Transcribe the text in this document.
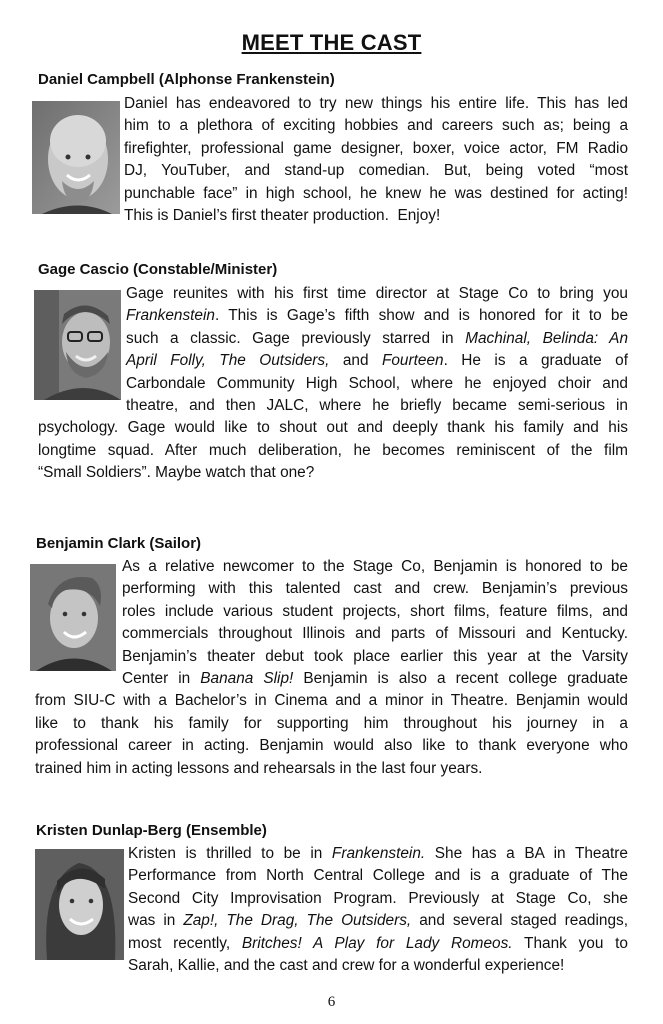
MEET THE CAST
Daniel Campbell (Alphonse Frankenstein)
Daniel has endeavored to try new things his entire life. This has led
him to a plethora of exciting hobbies and careers such as; being a
firefighter, professional game designer, boxer, voice actor, FM Radio
DJ, YouTuber, and stand-up comedian. But, being voted “most
punchable face” in high school, he knew he was destined for acting!
This is Daniel’s first theater production.  Enjoy!
Gage Cascio (Constable/Minister)
Gage reunites with his first time director at Stage Co to bring you
Frankenstein. This is Gage’s fifth show and is honored for it to be
such a classic. Gage previously starred in Machinal, Belinda: An
April Folly, The Outsiders, and Fourteen. He is a graduate of
Carbondale Community High School, where he enjoyed choir and
theatre, and then JALC, where he briefly became semi-serious in
psychology. Gage would like to shout out and deeply thank his family and his
longtime squad. After much deliberation, he becomes reminiscent of the film
“Small Soldiers”. Maybe watch that one?
Benjamin Clark (Sailor)
As a relative newcomer to the Stage Co, Benjamin is honored to be
performing with this talented cast and crew. Benjamin’s previous
roles include various student projects, short films, feature films, and
commercials throughout Illinois and parts of Missouri and Kentucky.
Benjamin’s theater debut took place earlier this year at the Varsity
Center in Banana Slip! Benjamin is also a recent college graduate
from SIU-C with a Bachelor’s in Cinema and a minor in Theatre. Benjamin would
like to thank his family for supporting him throughout his journey in a
professional career in acting. Benjamin would also like to thank everyone who
trained him in acting lessons and rehearsals in the last four years.
Kristen Dunlap-Berg (Ensemble)
Kristen is thrilled to be in Frankenstein. She has a BA in Theatre
Performance from North Central College and is a graduate of The
Second City Improvisation Program. Previously at Stage Co, she
was in Zap!, The Drag, The Outsiders, and several staged readings,
most recently, Britches! A Play for Lady Romeos. Thank you to
Sarah, Kallie, and the cast and crew for a wonderful experience!
6
